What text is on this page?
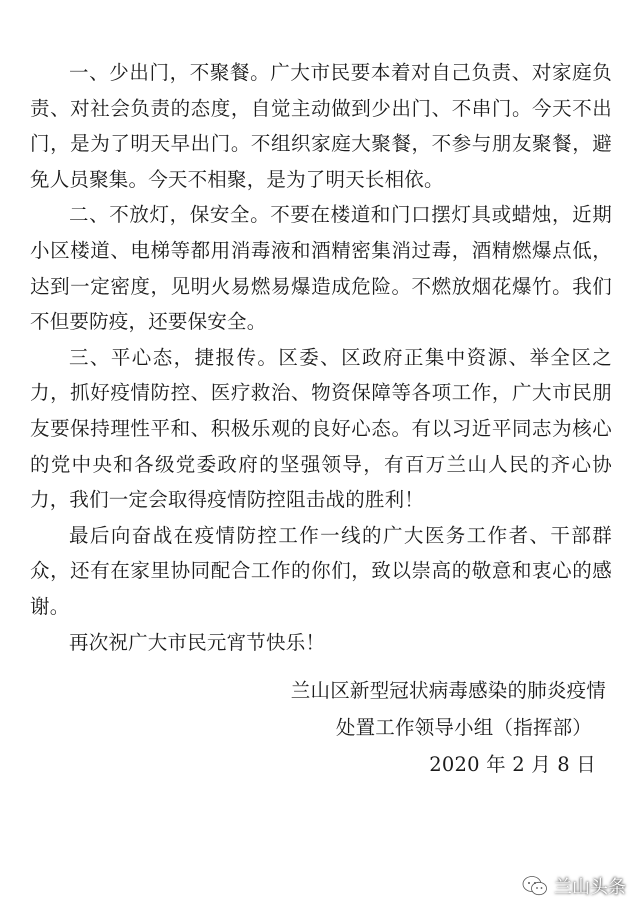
一、少出门，不聚餐。广大市民要本着对自己负责、对家庭负责、对社会负责的态度，自觉主动做到少出门、不串门。今天不出门，是为了明天早出门。不组织家庭大聚餐，不参与朋友聚餐，避免人员聚集。今天不相聚，是为了明天长相依。

二、不放灯，保安全。不要在楼道和门口摆灯具或蜡烛，近期小区楼道、电梯等都用消毒液和酒精密集消过毒，酒精燃爆点低，达到一定密度，见明火易燃易爆造成危险。不燃放烟花爆竹。我们不但要防疫，还要保安全。

三、平心态，捷报传。区委、区政府正集中资源、举全区之力，抓好疫情防控、医疗救治、物资保障等各项工作，广大市民朋友要保持理性平和、积极乐观的良好心态。有以习近平同志为核心的党中央和各级党委政府的坚强领导，有百万兰山人民的齐心协力，我们一定会取得疫情防控阻击战的胜利！

最后向奋战在疫情防控工作一线的广大医务工作者、干部群众，还有在家里协同配合工作的你们，致以崇高的敬意和衷心的感谢。

再次祝广大市民元宵节快乐！

兰山区新型冠状病毒感染的肺炎疫情
处置工作领导小组（指挥部）
2020 年 2 月 8 日
兰山头条
